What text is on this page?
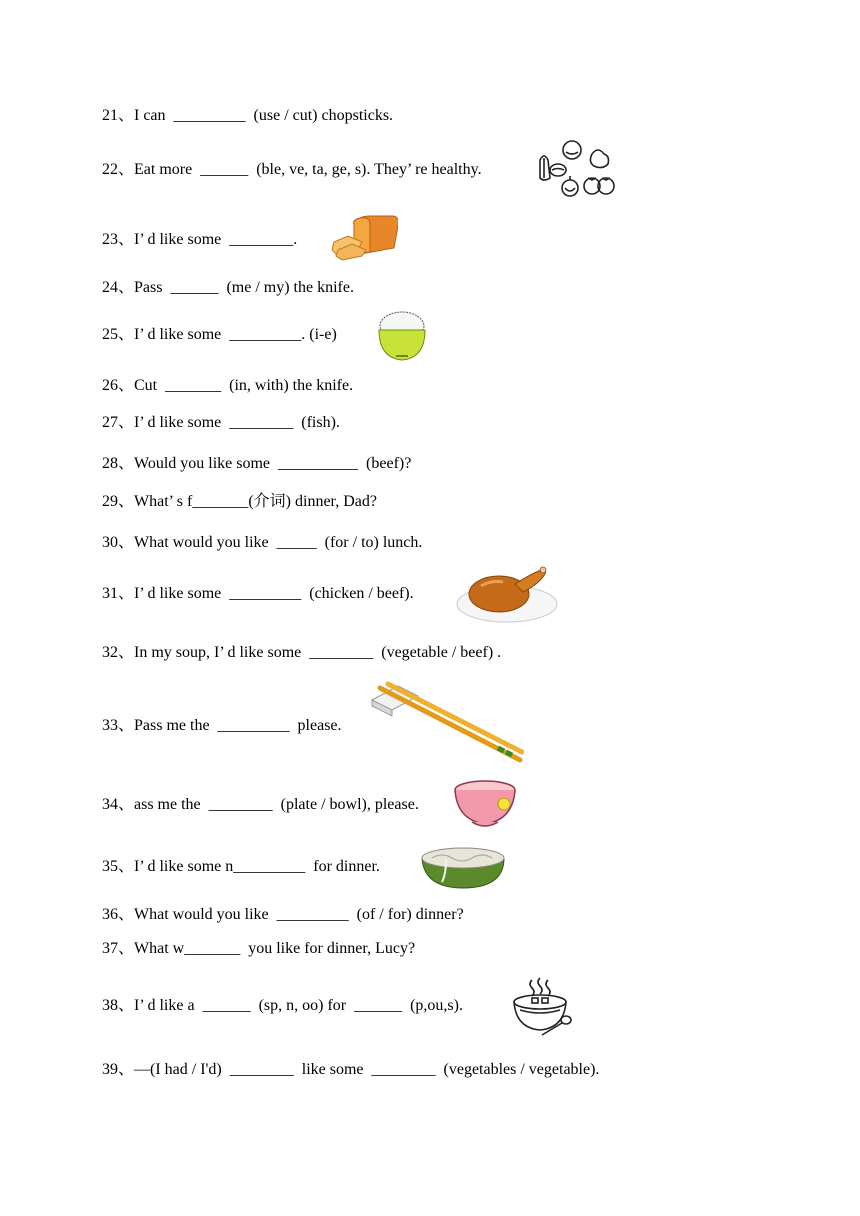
21、I can  _________  (use / cut) chopsticks.
22、Eat more  ______  (ble, ve, ta, ge, s). They’ re healthy.
23、I’ d like some  ________.
24、Pass  ______  (me / my) the knife.
25、I’ d like some  _________. (i-e)
26、Cut  _______  (in, with) the knife.
27、I’ d like some  ________  (fish).
28、Would you like some  __________  (beef)?
29、What’ s f_______(介词) dinner, Dad?
30、What would you like  _____  (for / to) lunch.
31、I’ d like some  _________  (chicken / beef).
32、In my soup, I’ d like some  ________  (vegetable / beef) .
33、Pass me the  _________  please.
34、ass me the  ________  (plate / bowl), please.
35、I’ d like some n_________  for dinner.
36、What would you like  _________  (of / for) dinner?
37、What w_______  you like for dinner, Lucy?
38、I’ d like a  ______  (sp, n, oo) for  ______  (p,ou,s).
39、—(I had / I'd)  ________  like some  ________  (vegetables / vegetable).
